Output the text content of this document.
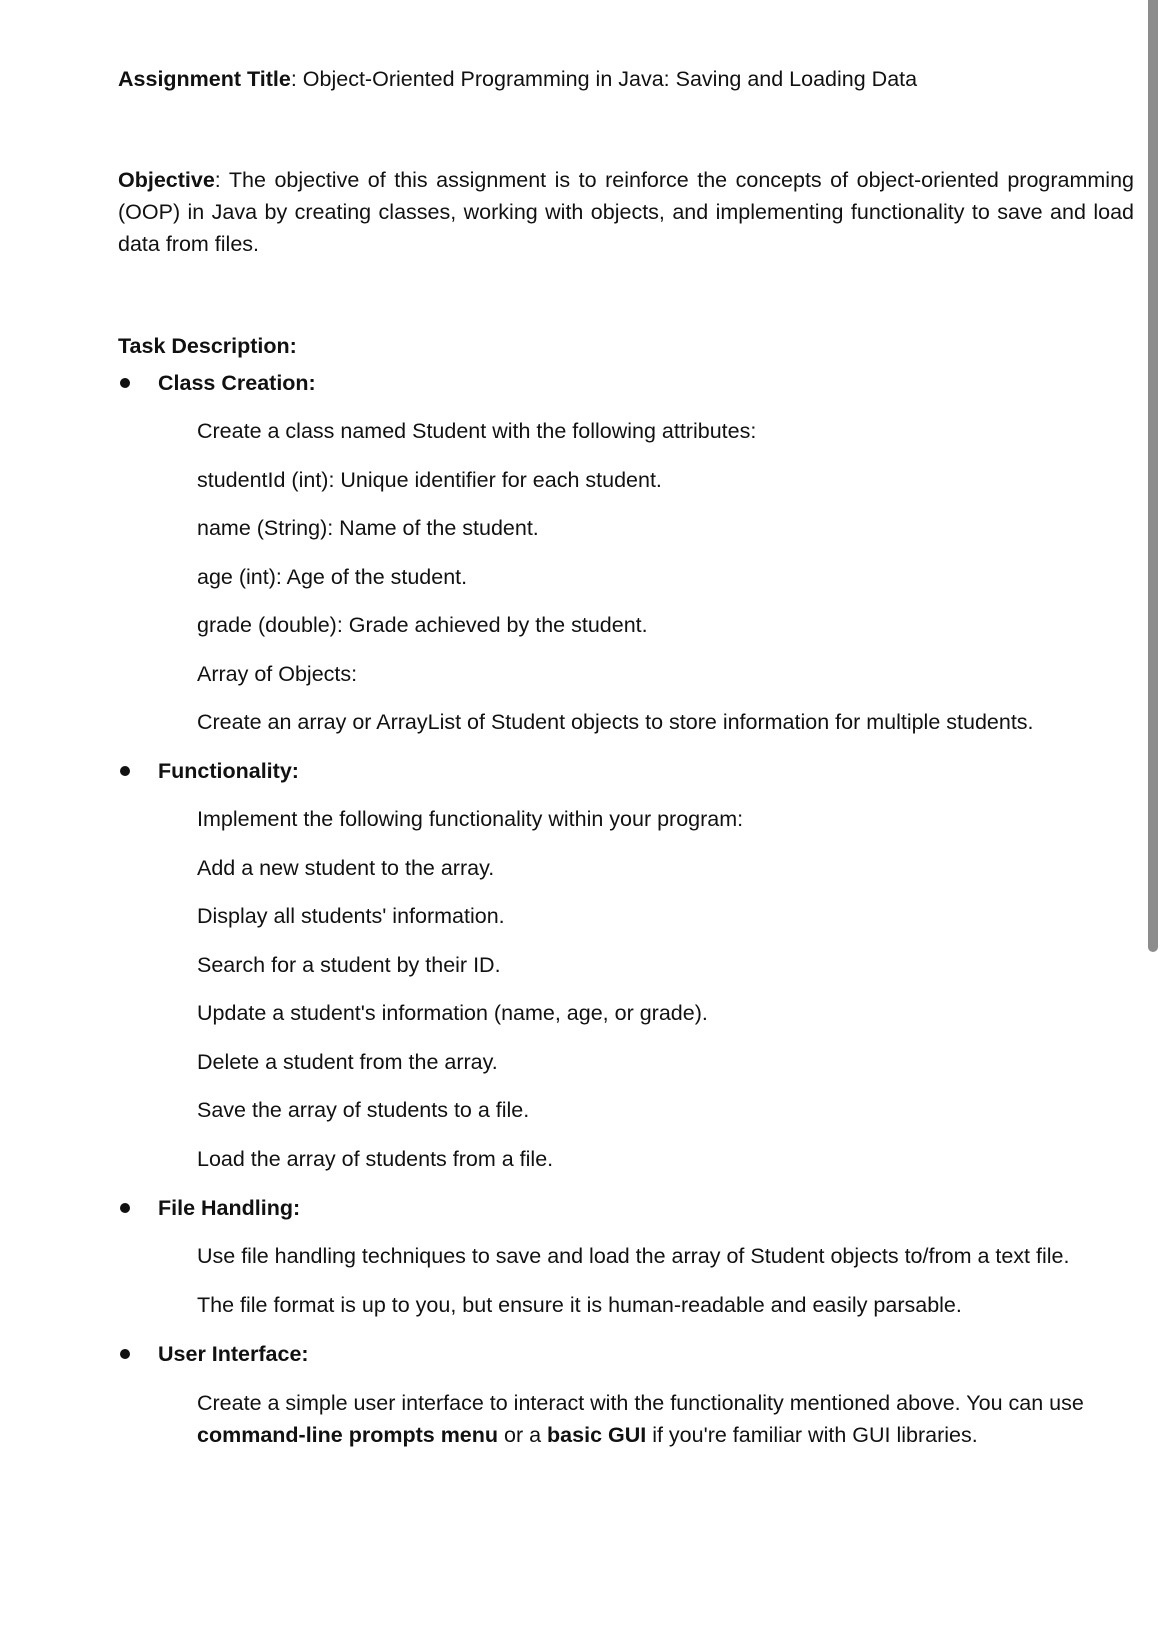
Assignment Title: Object-Oriented Programming in Java: Saving and Loading Data
Objective: The objective of this assignment is to reinforce the concepts of object-oriented programming (OOP) in Java by creating classes, working with objects, and implementing functionality to save and load data from files.
Task Description:
Class Creation:
Create a class named Student with the following attributes:
studentId (int): Unique identifier for each student.
name (String): Name of the student.
age (int): Age of the student.
grade (double): Grade achieved by the student.
Array of Objects:
Create an array or ArrayList of Student objects to store information for multiple students.
Functionality:
Implement the following functionality within your program:
Add a new student to the array.
Display all students' information.
Search for a student by their ID.
Update a student's information (name, age, or grade).
Delete a student from the array.
Save the array of students to a file.
Load the array of students from a file.
File Handling:
Use file handling techniques to save and load the array of Student objects to/from a text file.
The file format is up to you, but ensure it is human-readable and easily parsable.
User Interface:
Create a simple user interface to interact with the functionality mentioned above. You can use command-line prompts menu or a basic GUI if you're familiar with GUI libraries.
